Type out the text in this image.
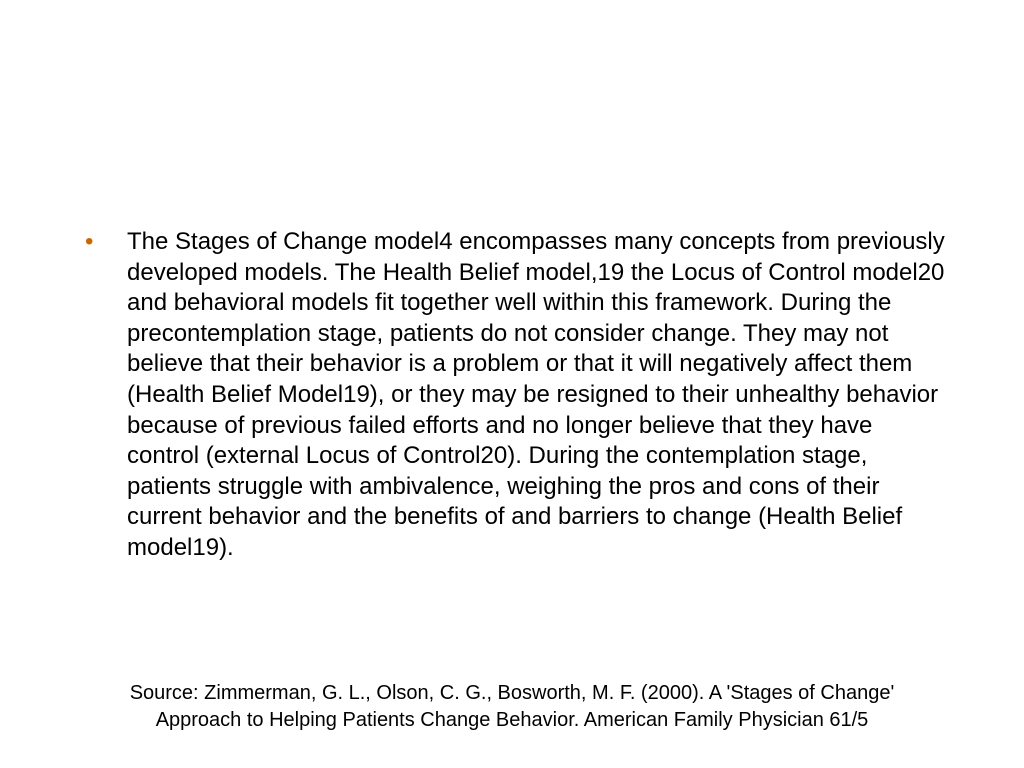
• The Stages of Change model4 encompasses many concepts from previously developed models. The Health Belief model,19 the Locus of Control model20 and behavioral models fit together well within this framework. During the precontemplation stage, patients do not consider change. They may not believe that their behavior is a problem or that it will negatively affect them (Health Belief Model19), or they may be resigned to their unhealthy behavior because of previous failed efforts and no longer believe that they have control (external Locus of Control20). During the contemplation stage, patients struggle with ambivalence, weighing the pros and cons of their current behavior and the benefits of and barriers to change (Health Belief model19).
Source: Zimmerman, G. L., Olson, C. G., Bosworth, M. F. (2000). A 'Stages of Change'
Approach to Helping Patients Change Behavior. American Family Physician 61/5
